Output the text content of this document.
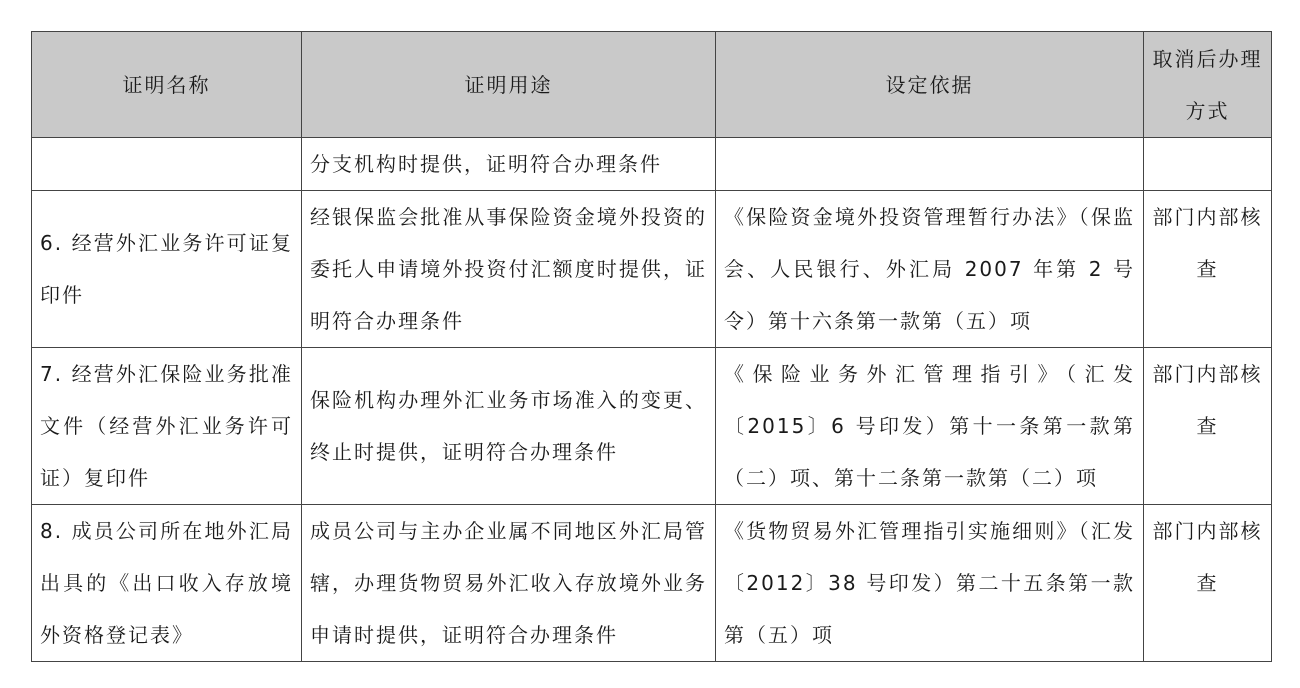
证明名称	证明用途	设定依据	取消后办理方式
	分支机构时提供，证明符合办理条件		
6. 经营外汇业务许可证复印件	经银保监会批准从事保险资金境外投资的委托人申请境外投资付汇额度时提供，证明符合办理条件	《保险资金境外投资管理暂行办法》（保监会、人民银行、外汇局 2007 年第 2 号令）第十六条第一款第（五）项	部门内部核查
7. 经营外汇保险业务批准文件（经营外汇业务许可证）复印件	保险机构办理外汇业务市场准入的变更、终止时提供，证明符合办理条件	《保险业务外汇管理指引》（汇发〔2015〕6 号印发）第十一条第一款第（二）项、第十二条第一款第（二）项	部门内部核查
8. 成员公司所在地外汇局出具的《出口收入存放境外资格登记表》	成员公司与主办企业属不同地区外汇局管辖，办理货物贸易外汇收入存放境外业务申请时提供，证明符合办理条件	《货物贸易外汇管理指引实施细则》（汇发〔2012〕38 号印发）第二十五条第一款第（五）项	部门内部核查
